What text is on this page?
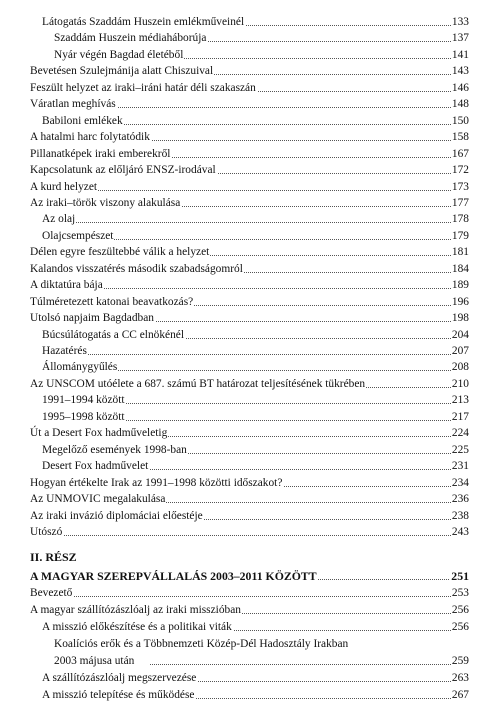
Látogatás Szaddám Huszein emlékműveinél	133
Szaddám Huszein médiaháborúja	137
Nyár végén Bagdad életéből	141
Bevetésen Szulejmánija alatt Chiszuival	143
Feszült helyzet az iraki–iráni határ déli szakaszán	146
Váratlan meghívás	148
Babiloni emlékek	150
A hatalmi harc folytatódik	158
Pillanatképek iraki emberekről	167
Kapcsolatunk az előljáró ENSZ-irodával	172
A kurd helyzet	173
Az iraki–török viszony alakulása	177
Az olaj	178
Olajcsempészet	179
Délen egyre feszültebbé válik a helyzet	181
Kalandos visszatérés második szabadságomról	184
A diktatúra bája	189
Túlméretezett katonai beavatkozás?	196
Utolsó napjaim Bagdadban	198
Búcsúlátogatás a CC elnökénél	204
Hazatérés	207
Állománygyűlés	208
Az UNSCOM utóélete a 687. számú BT határozat teljesítésének tükrében	210
1991–1994 között	213
1995–1998 között	217
Út a Desert Fox hadműveletig	224
Megelőző események 1998-ban	225
Desert Fox hadművelet	231
Hogyan értékelte Irak az 1991–1998 közötti időszakot?	234
Az UNMOVIC megalakulása	236
Az iraki invázió diplomáciai előestéje	238
Utószó	243
II. RÉSZ
A MAGYAR SZEREPVÁLLALÁS 2003–2011 KÖZÖTT	251
Bevezető	253
A magyar szállítózászlóalj az iraki misszióban	256
A misszió előkészítése és a politikai viták	256
Koalíciós erők és a Többnemzeti Közép-Dél Hadosztály Irakban
2003 májusa után	259
A szállítózászlóalj megszervezése	263
A misszió telepítése és működése	267
